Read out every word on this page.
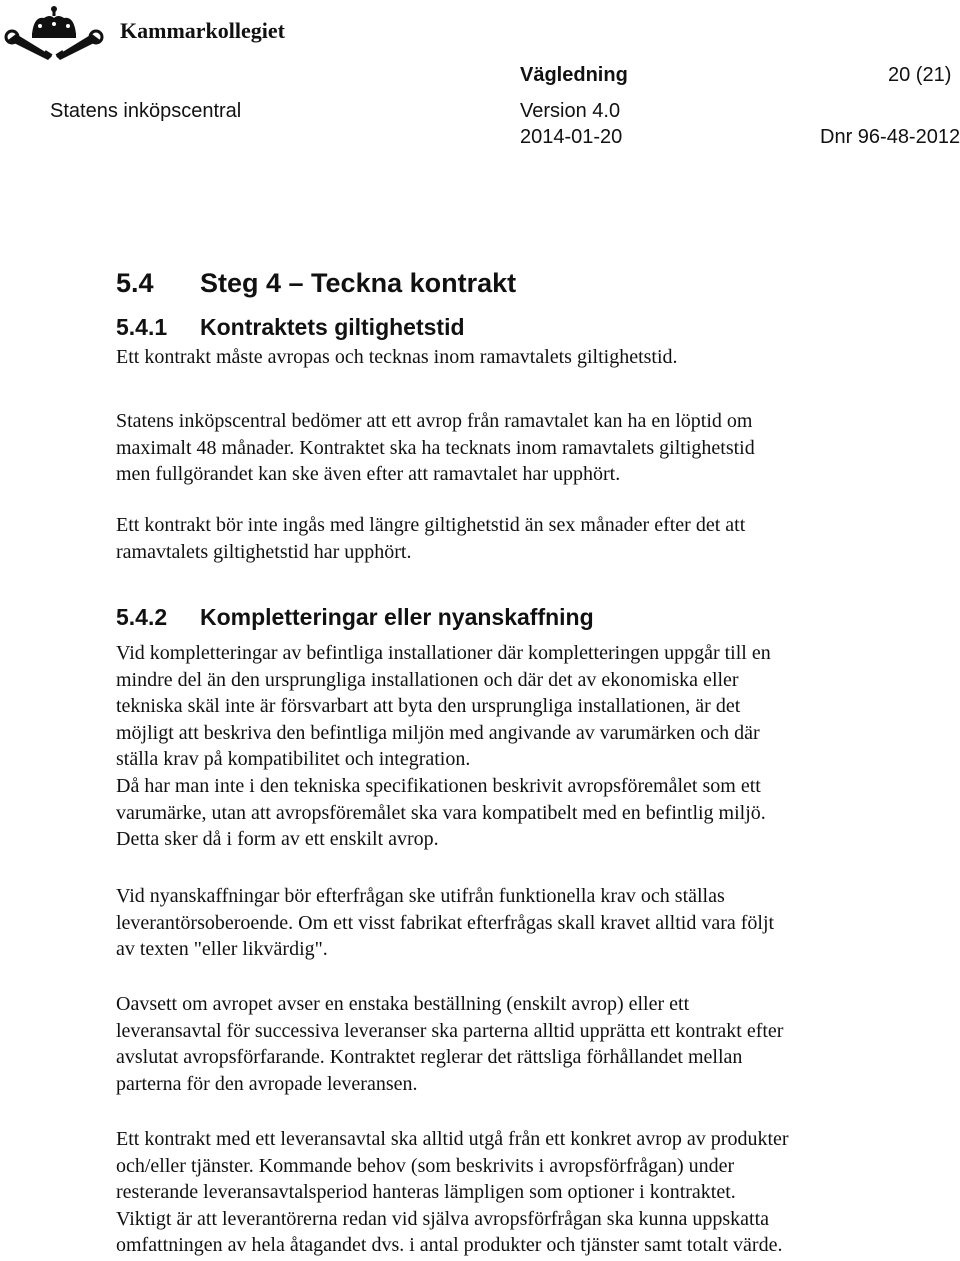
Kammarkollegiet
Vägledning	20 (21)
Statens inköpscentral	Version 4.0
2014-01-20	Dnr 96-48-2012
5.4 Steg 4 – Teckna kontrakt
5.4.1 Kontraktets giltighetstid
Ett kontrakt måste avropas och tecknas inom ramavtalets giltighetstid.
Statens inköpscentral bedömer att ett avrop från ramavtalet kan ha en löptid om
maximalt 48 månader. Kontraktet ska ha tecknats inom ramavtalets giltighetstid
men fullgörandet kan ske även efter att ramavtalet har upphört.
Ett kontrakt bör inte ingås med längre giltighetstid än sex månader efter det att
ramavtalets giltighetstid har upphört.
5.4.2 Kompletteringar eller nyanskaffning
Vid kompletteringar av befintliga installationer där kompletteringen uppgår till en
mindre del än den ursprungliga installationen och där det av ekonomiska eller
tekniska skäl inte är försvarbart att byta den ursprungliga installationen, är det
möjligt att beskriva den befintliga miljön med angivande av varumärken och där
ställa krav på kompatibilitet och integration.
Då har man inte i den tekniska specifikationen beskrivit avropsföremålet som ett
varumärke, utan att avropsföremålet ska vara kompatibelt med en befintlig miljö.
Detta sker då i form av ett enskilt avrop.
Vid nyanskaffningar bör efterfrågan ske utifrån funktionella krav och ställas
leverantörsoberoende. Om ett visst fabrikat efterfrågas skall kravet alltid vara följt
av texten "eller likvärdig".
Oavsett om avropet avser en enstaka beställning (enskilt avrop) eller ett
leveransavtal för successiva leveranser ska parterna alltid upprätta ett kontrakt efter
avslutat avropsförfarande. Kontraktet reglerar det rättsliga förhållandet mellan
parterna för den avropade leveransen.
Ett kontrakt med ett leveransavtal ska alltid utgå från ett konkret avrop av produkter
och/eller tjänster. Kommande behov (som beskrivits i avropsförfrågan) under
resterande leveransavtalsperiod hanteras lämpligen som optioner i kontraktet.
Viktigt är att leverantörerna redan vid själva avropsförfrågan ska kunna uppskatta
omfattningen av hela åtagandet dvs. i antal produkter och tjänster samt totalt värde.
